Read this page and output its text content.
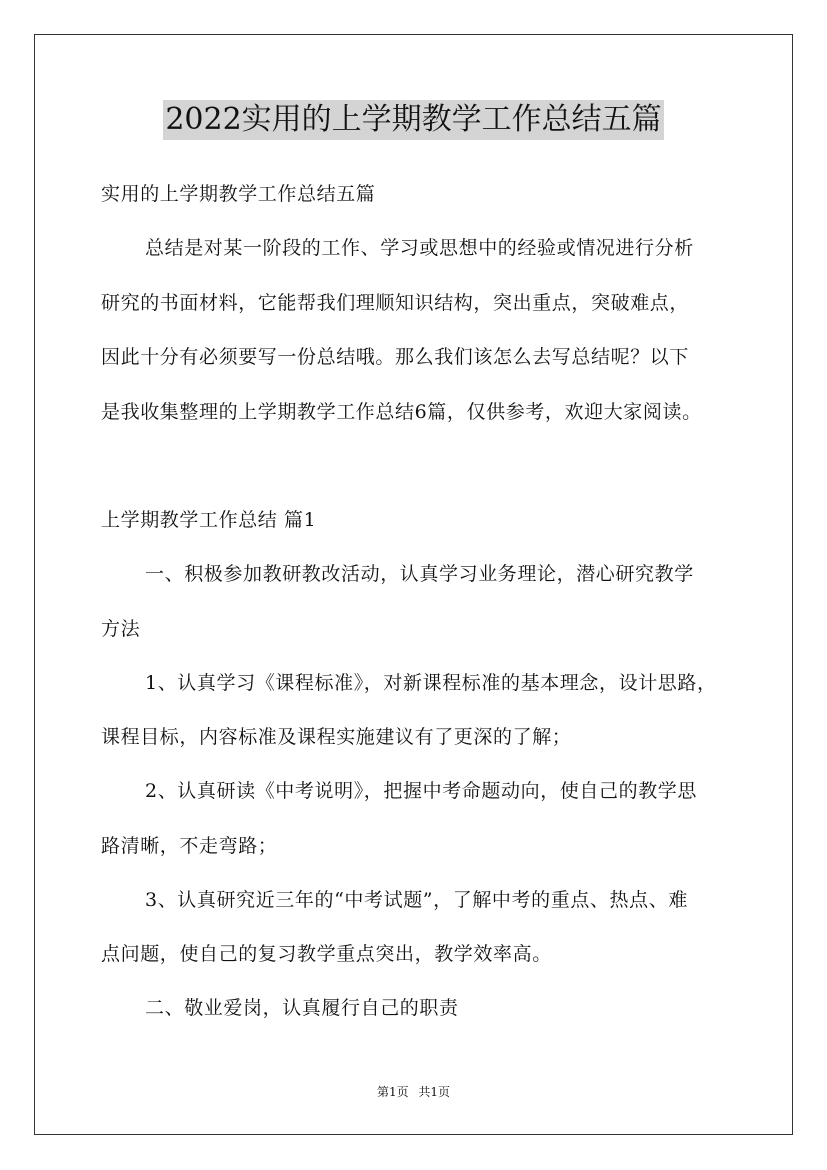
2022实用的上学期教学工作总结五篇
实用的上学期教学工作总结五篇
总结是对某一阶段的工作、学习或思想中的经验或情况进行分析
研究的书面材料，它能帮我们理顺知识结构，突出重点，突破难点，
因此十分有必须要写一份总结哦。那么我们该怎么去写总结呢？以下
是我收集整理的上学期教学工作总结6篇，仅供参考，欢迎大家阅读。
上学期教学工作总结 篇1
一、积极参加教研教改活动，认真学习业务理论，潜心研究教学
方法
1、认真学习《课程标准》，对新课程标准的基本理念，设计思路，
课程目标，内容标准及课程实施建议有了更深的了解；
2、认真研读《中考说明》，把握中考命题动向，使自己的教学思
路清晰，不走弯路；
3、认真研究近三年的“中考试题”，了解中考的重点、热点、难
点问题，使自己的复习教学重点突出，教学效率高。
二、敬业爱岗，认真履行自己的职责
第1页 共1页
